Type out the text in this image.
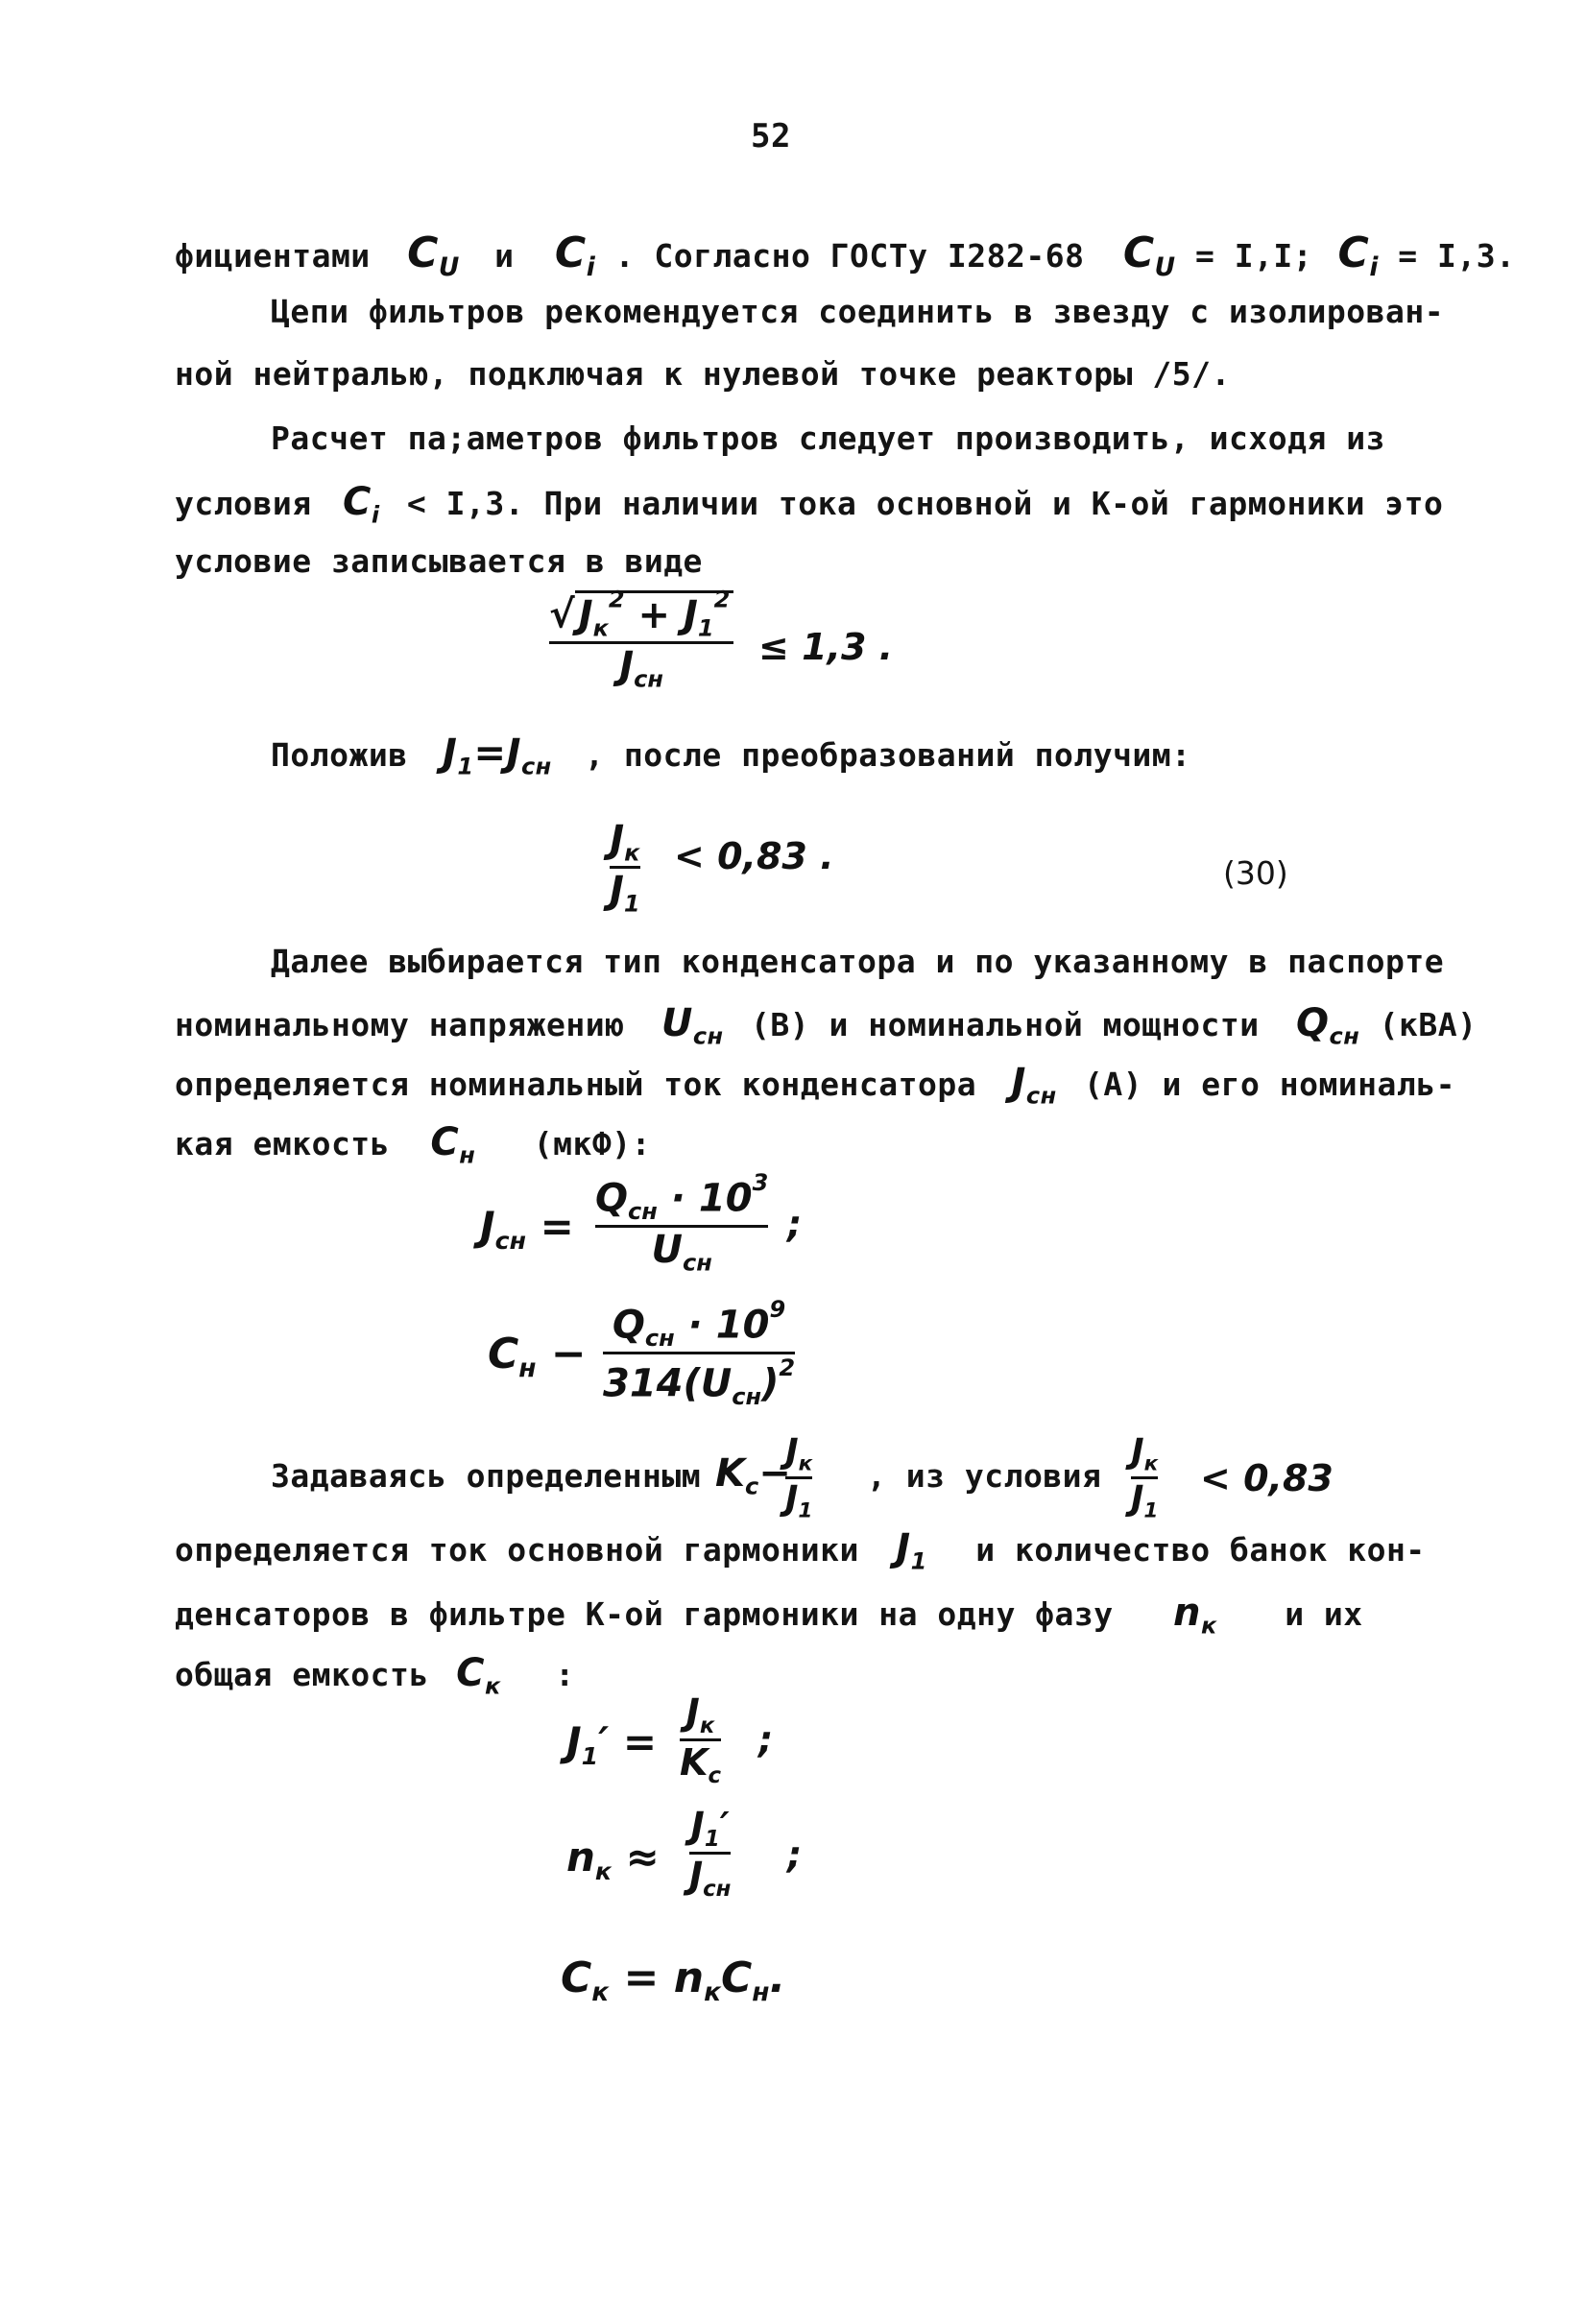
52
фициентами $C_U$ и $C_i$ . Согласно ГОСТу I282-68 $C_U = I,I$; $C_i = I,3$.
Цепи фильтров рекомендуется соединить в звезду с изолирован-
ной нейтралью, подключая к нулевой точке реакторы /5/.
Расчет па;аметров фильтров следует производить, исходя из
условия $C_i < I,3$. При наличии тока основной и К-ой гармоники это
условие записывается в виде
√ $J_к^2 + J_1^2$
$J_{сн}$
≤ 1,3 .
Положив $J_1=J_{сн}$ , после преобразований получим:
$J_к$
$J_1$
< 0,83 .	(30)
Далее выбирается тип конденсатора и по указанному в паспорте
номинальному напряжению $U_{сн}$ (В) и номинальной мощности $Q_{сн}$ (кВА)
определяется номинальный ток конденсатора $J_{сн}$ (А) и его номиналь-
кая емкость $C_н$ (мкФ):
$J_{сн}$ =
$Q_{сн} \cdot 10^3$
$U_{сн}$
;
$C_н$ −
$Q_{сн} \cdot 10^9$
$314(U_{сн})^2$
Задаваясь определенным $K_c-$
$J_к$
$J_1$
, из условия
$J_к$
$J_1$
< 0,83
определяется ток основной гармоники $J_1$ и количество банок кон-
денсаторов в фильтре К-ой гармоники на одну фазу $n_к$ и их
общая емкость $C_к$ :
$J_1'$ =
$J_к$
$K_c$
;
$n_к$ ≈
$J_1'$
$J_{сн}$
;
$C_к = n_кC_н$.
